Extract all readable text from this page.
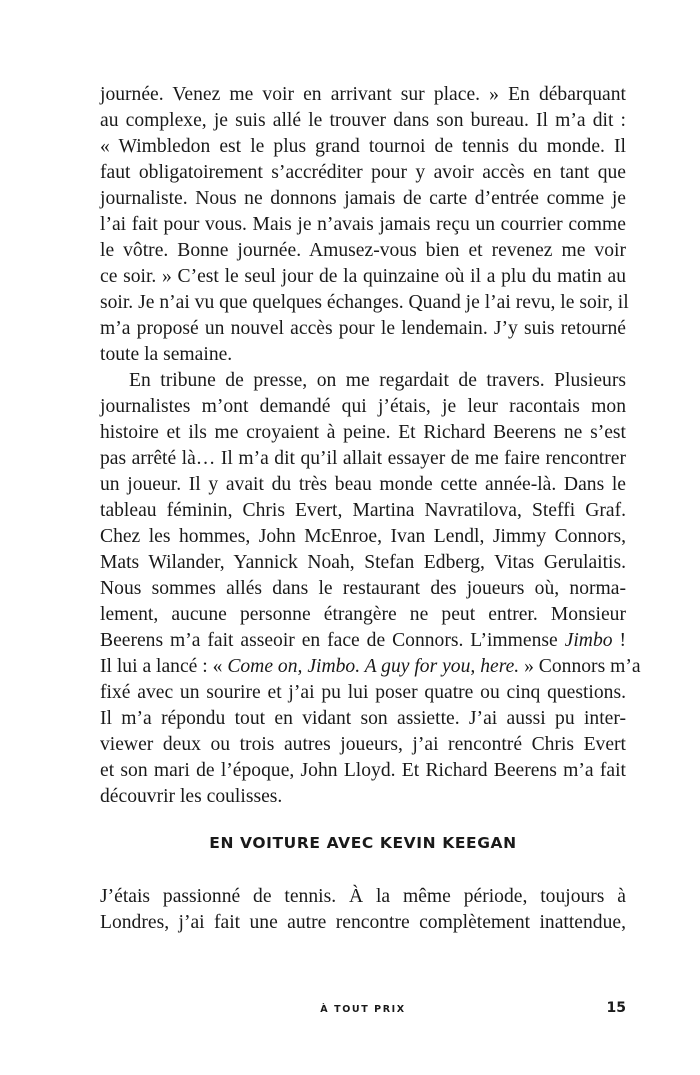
journée. Venez me voir en arrivant sur place. » En débarquant

au complexe, je suis allé le trouver dans son bureau. Il m’a dit :

« Wimbledon est le plus grand tournoi de tennis du monde. Il

faut obligatoirement s’accréditer pour y avoir accès en tant que

journaliste. Nous ne donnons jamais de carte d’entrée comme je

l’ai fait pour vous. Mais je n’avais jamais reçu un courrier comme

le vôtre. Bonne journée. Amusez-vous bien et revenez me voir

ce soir. » C’est le seul jour de la quinzaine où il a plu du matin au

soir. Je n’ai vu que quelques échanges. Quand je l’ai revu, le soir, il

m’a proposé un nouvel accès pour le lendemain. J’y suis retourné

toute la semaine.

En tribune de presse, on me regardait de travers. Plusieurs

journalistes m’ont demandé qui j’étais, je leur racontais mon

histoire et ils me croyaient à peine. Et Richard Beerens ne s’est

pas arrêté là… Il m’a dit qu’il allait essayer de me faire rencontrer

un joueur. Il y avait du très beau monde cette année-là. Dans le

tableau féminin, Chris Evert, Martina Navratilova, Steffi Graf.

Chez les hommes, John McEnroe, Ivan Lendl, Jimmy Connors,

Mats Wilander, Yannick Noah, Stefan Edberg, Vitas Gerulaitis.

Nous sommes allés dans le restaurant des joueurs où, norma-

lement, aucune personne étrangère ne peut entrer. Monsieur

Beerens m’a fait asseoir en face de Connors. L’immense Jimbo !

Il lui a lancé : « Come on, Jimbo. A guy for you, here. » Connors m’a

fixé avec un sourire et j’ai pu lui poser quatre ou cinq questions.

Il m’a répondu tout en vidant son assiette. J’ai aussi pu inter-

viewer deux ou trois autres joueurs, j’ai rencontré Chris Evert

et son mari de l’époque, John Lloyd. Et Richard Beerens m’a fait

découvrir les coulisses.

EN VOITURE AVEC KEVIN KEEGAN

J’étais passionné de tennis. À la même période, toujours à

Londres, j’ai fait une autre rencontre complètement inattendue,

À TOUT PRIX	15
